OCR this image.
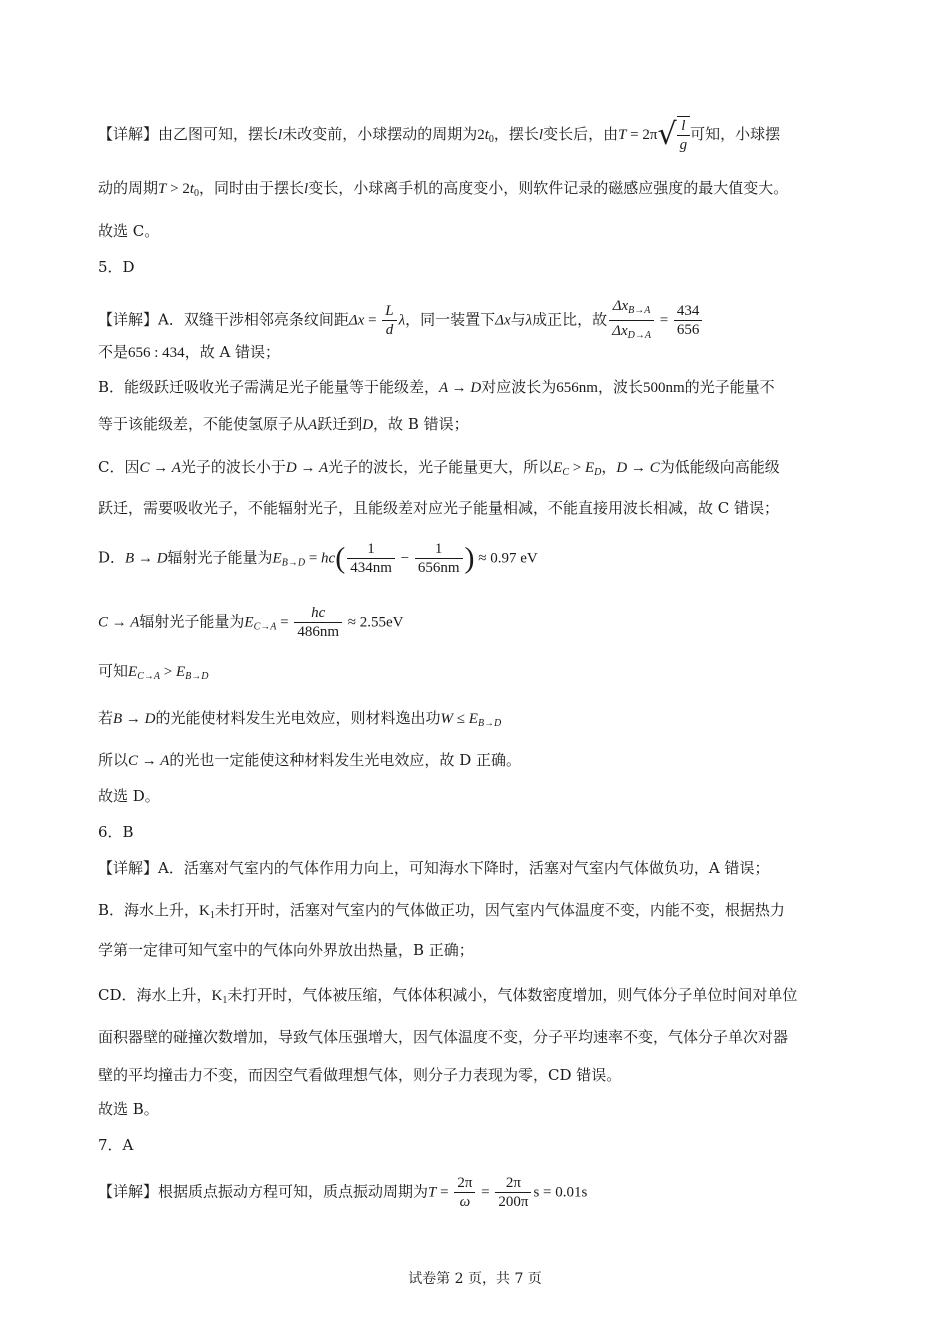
【详解】由乙图可知，摆长l未改变前，小球摆动的周期为$2t_0$，摆长l变长后，由$T = 2\pi√ \frac{l}{g}$ 可知，小球摆
动的周期$T > 2t_0$，同时由于摆长l变长，小球离手机的高度变小，则软件记录的磁感应强度的最大值变大。
故选 C。
5．D
【详解】A．双缝干涉相邻亮条纹间距$\Delta x = \frac{L}{d}$ λ，同一装置下Δx与λ成正比，故 $\frac{\Delta x_{B\to A}}{\Delta x_{D\to A}} = \frac{434}{656}$
不是656 : 434，故 A 错误；
B．能级跃迁吸收光子需满足光子能量等于能级差，A → D对应波长为656nm，波长500nm的光子能量不
等于该能级差，不能使氢原子从A跃迁到D，故 B 错误；
C．因C → A光子的波长小于D → A光子的波长，光子能量更大，所以$E_C > E_D$，D → C为低能级向高能级
跃迁，需要吸收光子，不能辐射光子，且能级差对应光子能量相减，不能直接用波长相减，故 C 错误；
D．B → D辐射光子能量为$E_{B\to D} = hc( \frac{1}{434nm} - \frac{1}{656nm}$ ) ≈ 0.97 eV
C → A辐射光子能量为$E_{C\to A} = \frac{hc}{486nm} \approx 2.55eV$
可知$E_{C\to A} > E_{B\to D}$
若B → D的光能使材料发生光电效应，则材料逸出功$W \le E_{B\to D}$
所以C → A的光也一定能使这种材料发生光电效应，故 D 正确。
故选 D。
6．B
【详解】A．活塞对气室内的气体作用力向上，可知海水下降时，活塞对气室内气体做负功，A 错误；
B．海水上升，$K_1$未打开时，活塞对气室内的气体做正功，因气室内气体温度不变，内能不变，根据热力
学第一定律可知气室中的气体向外界放出热量，B 正确；
CD．海水上升，$K_1$未打开时，气体被压缩，气体体积减小，气体数密度增加，则气体分子单位时间对单位
面积器壁的碰撞次数增加，导致气体压强增大，因气体温度不变，分子平均速率不变，气体分子单次对器
壁的平均撞击力不变，而因空气看做理想气体，则分子力表现为零，CD 错误。
故选 B。
7．A
【详解】根据质点振动方程可知，质点振动周期为$T = \frac{2\pi}{\omega} = \frac{2\pi}{200\pi}$ s = 0.01s
试卷第 2 页，共 7 页
